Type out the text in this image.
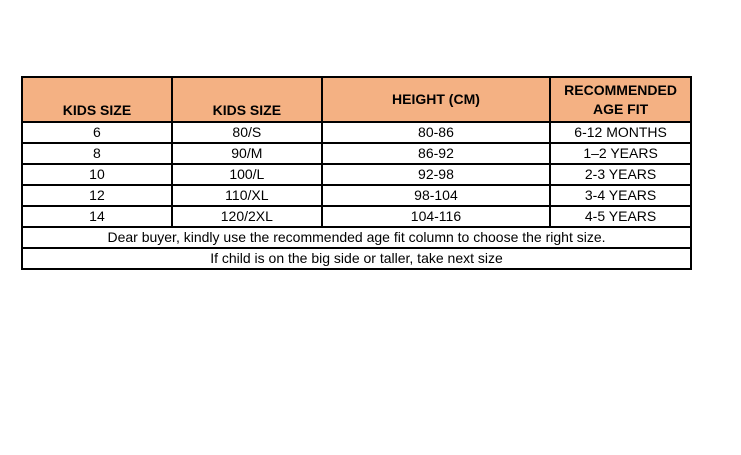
KIDS SIZE	KIDS SIZE	HEIGHT (CM)	RECOMMENDED
AGE FIT
6	80/S	80-86	6-12 MONTHS
8	90/M	86-92	1–2 YEARS
10	100/L	92-98	2-3 YEARS
12	110/XL	98-104	3-4 YEARS
14	120/2XL	104-116	4-5 YEARS
Dear buyer, kindly use the recommended age fit column to choose the right size.			
If child is on the big side or taller, take next size			
